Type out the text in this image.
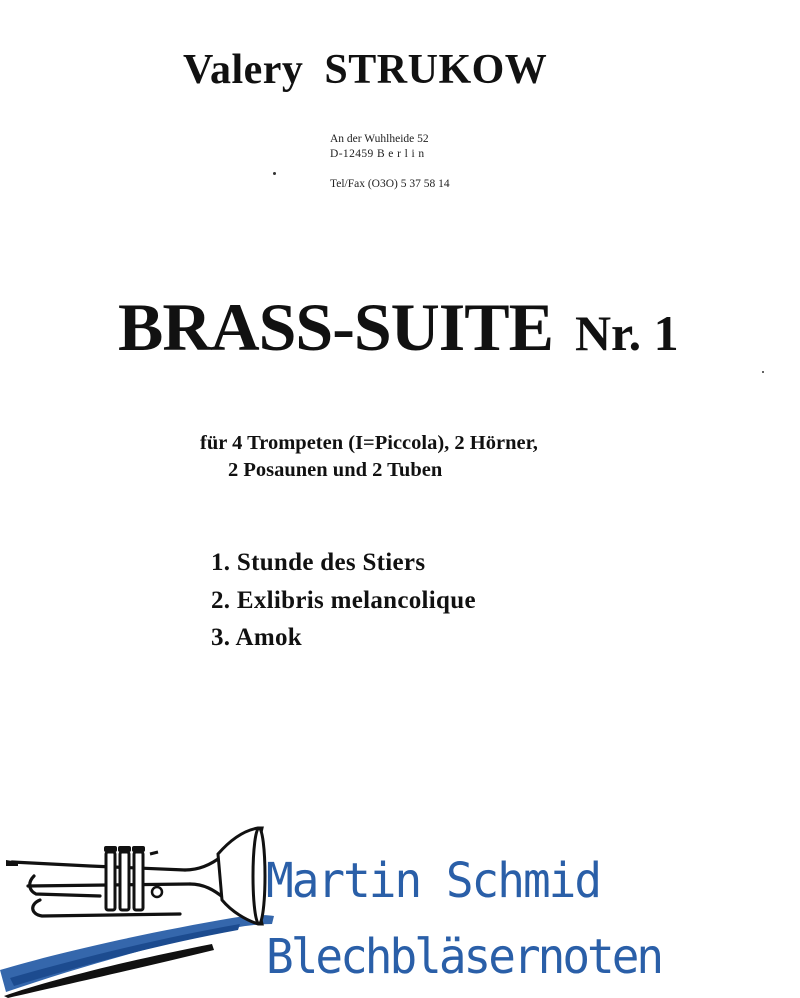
Valery STRUKOW
An der Wuhlheide 52
D-12459 B e r l i n
Tel/Fax (O3O) 5 37 58 14
BRASS-SUITE Nr. 1
für 4 Trompeten (I=Piccola), 2 Hörner,
2 Posaunen und 2 Tuben
1. Stunde des Stiers
2. Exlibris melancolique
3. Amok
Martin Schmid
Blechbläsernoten
